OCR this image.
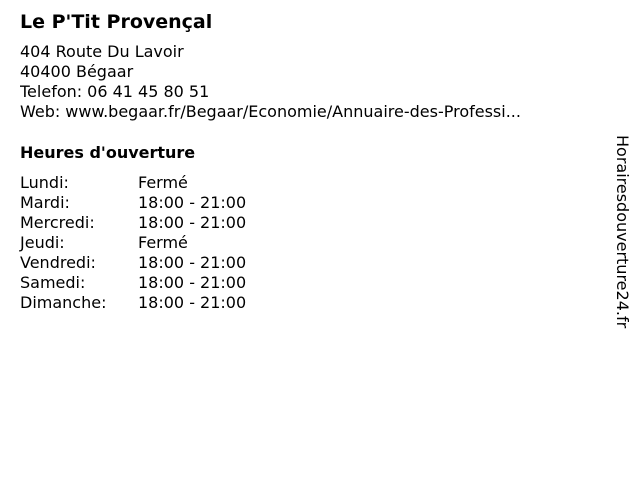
Le P'Tit Provençal
404 Route Du Lavoir
40400 Bégaar
Telefon: 06 41 45 80 51
Web: www.begaar.fr/Begaar/Economie/Annuaire-des-Professi...
Heures d'ouverture
Lundi:	Fermé
Mardi:	18:00 - 21:00
Mercredi:	18:00 - 21:00
Jeudi:	Fermé
Vendredi:	18:00 - 21:00
Samedi:	18:00 - 21:00
Dimanche:	18:00 - 21:00	Horairesdouverture24.fr
